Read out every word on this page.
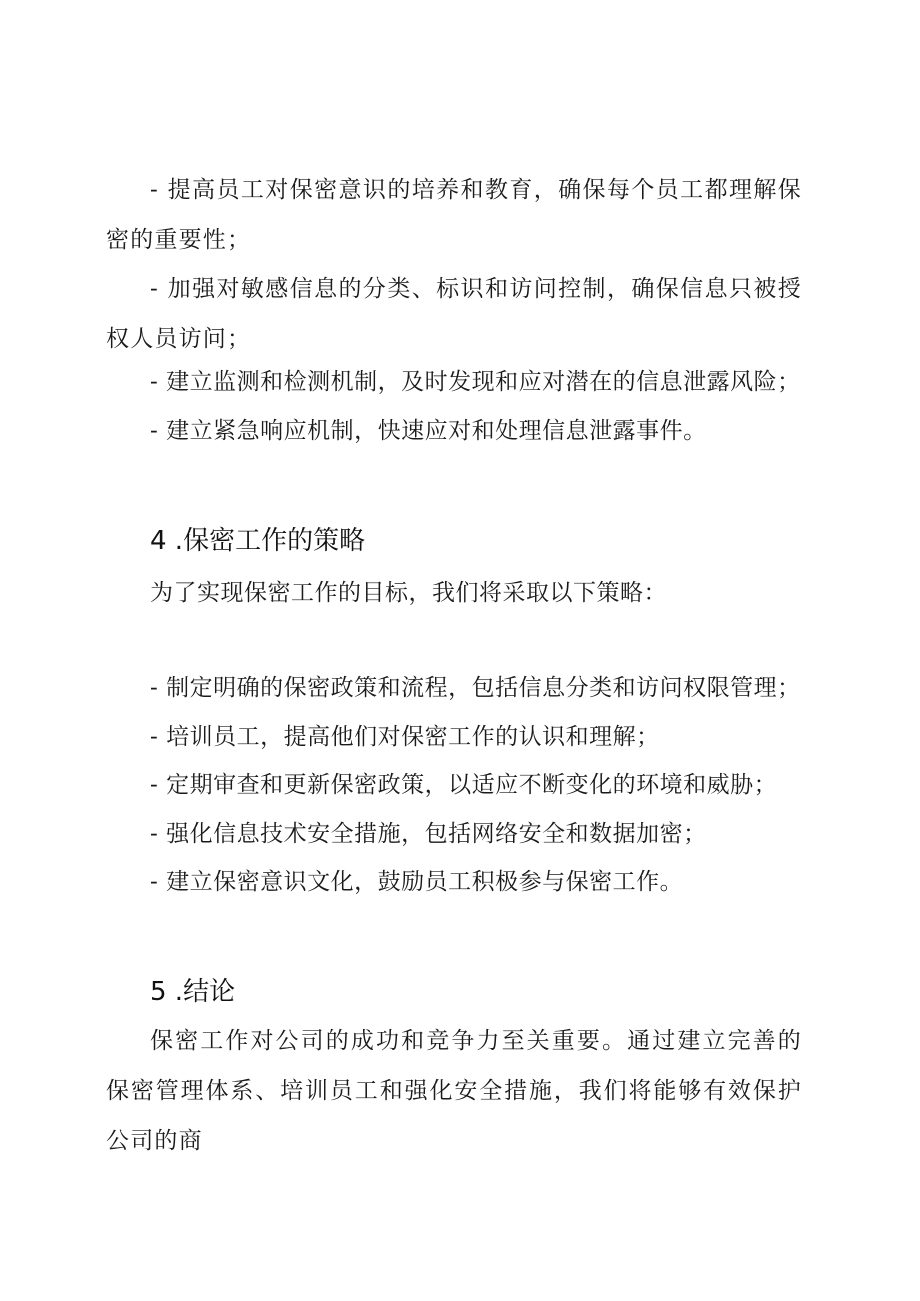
- 提高员工对保密意识的培养和教育，确保每个员工都理解保密的重要性；
- 加强对敏感信息的分类、标识和访问控制，确保信息只被授权人员访问；
- 建立监测和检测机制，及时发现和应对潜在的信息泄露风险；
- 建立紧急响应机制，快速应对和处理信息泄露事件。
4 .保密工作的策略
为了实现保密工作的目标，我们将采取以下策略：
- 制定明确的保密政策和流程，包括信息分类和访问权限管理；
- 培训员工，提高他们对保密工作的认识和理解；
- 定期审查和更新保密政策，以适应不断变化的环境和威胁；
- 强化信息技术安全措施，包括网络安全和数据加密；
- 建立保密意识文化，鼓励员工积极参与保密工作。
5 .结论
保密工作对公司的成功和竞争力至关重要。通过建立完善的保密管理体系、培训员工和强化安全措施，我们将能够有效保护公司的商
